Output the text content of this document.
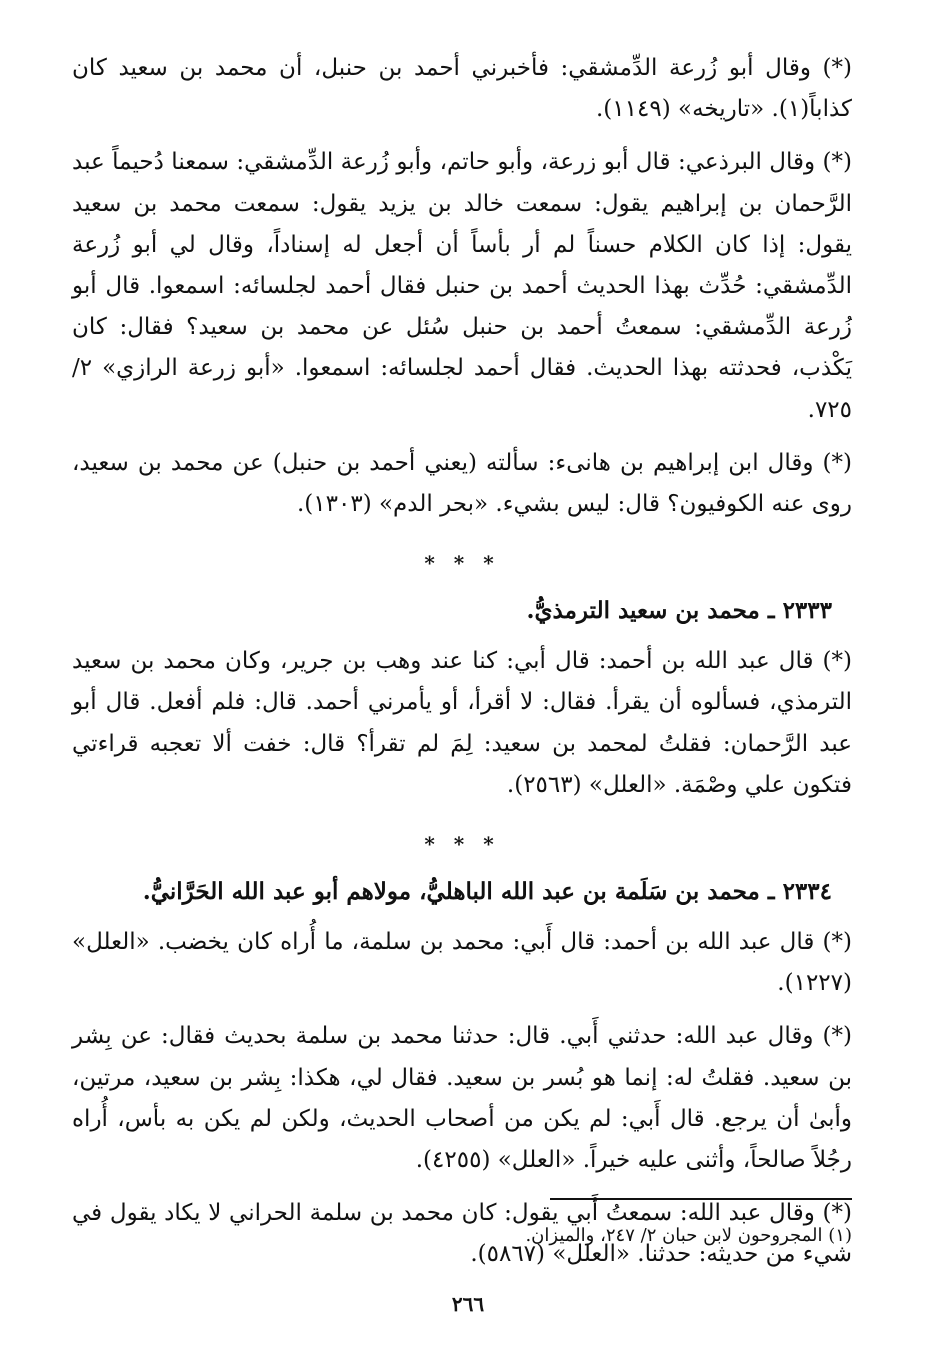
(*) وقال أبو زُرعة الدِّمشقي: فأخبرني أحمد بن حنبل، أن محمد بن سعيد كان كذاباً(١). «تاريخه» (١١٤٩).

(*) وقال البرذعي: قال أبو زرعة، وأبو حاتم، وأبو زُرعة الدِّمشقي: سمعنا دُحيماً عبد الرَّحمان بن إبراهيم يقول: سمعت خالد بن يزيد يقول: سمعت محمد بن سعيد يقول: إذا كان الكلام حسناً لم أر بأساً أن أجعل له إسناداً، وقال لي أبو زُرعة الدِّمشقي: حُدِّث بهذا الحديث أحمد بن حنبل فقال أحمد لجلسائه: اسمعوا. قال أبو زُرعة الدِّمشقي: سمعتُ أحمد بن حنبل سُئل عن محمد بن سعيد؟ فقال: كان يَكْذب، فحدثته بهذا الحديث. فقال أحمد لجلسائه: اسمعوا. «أبو زرعة الرازي» ٢/ ٧٢٥.

(*) وقال ابن إبراهيم بن هانىء: سألته (يعني أحمد بن حنبل) عن محمد بن سعيد، روى عنه الكوفيون؟ قال: ليس بشيء. «بحر الدم» (١٣٠٣).

* * *
٢٣٣٣ ـ محمد بن سعيد الترمذيُّ.

(*) قال عبد الله بن أحمد: قال أبي: كنا عند وهب بن جرير، وكان محمد بن سعيد الترمذي، فسألوه أن يقرأ. فقال: لا أقرأ، أو يأمرني أحمد. قال: فلم أفعل. قال أبو عبد الرَّحمان: فقلتُ لمحمد بن سعيد: لِمَ لم تقرأ؟ قال: خفت ألا تعجبه قراءتي فتكون علي وصْمَة. «العلل» (٢٥٦٣).

* * *
٢٣٣٤ ـ محمد بن سَلَمة بن عبد الله الباهليُّ، مولاهم أبو عبد الله الحَرَّانيُّ.

(*) قال عبد الله بن أحمد: قال أَبي: محمد بن سلمة، ما أُراه كان يخضب. «العلل» (١٢٢٧).

(*) وقال عبد الله: حدثني أَبي. قال: حدثنا محمد بن سلمة بحديث فقال: عن بِشر بن سعيد. فقلتُ له: إنما هو بُسر بن سعيد. فقال لي، هكذا: بِشر بن سعيد، مرتين، وأبىٰ أن يرجع. قال أَبي: لم يكن من أصحاب الحديث، ولكن لم يكن به بأس، أُراه رجُلاً صالحاً، وأثنى عليه خيراً. «العلل» (٤٢٥٥).

(*) وقال عبد الله: سمعتُ أَبي يقول: كان محمد بن سلمة الحراني لا يكاد يقول في شيء من حديثه: حدثنا. «العلل» (٥٨٦٧).

(١) المجروحون لابن حبان ٢/ ٢٤٧، والميزان.
٢٦٦
